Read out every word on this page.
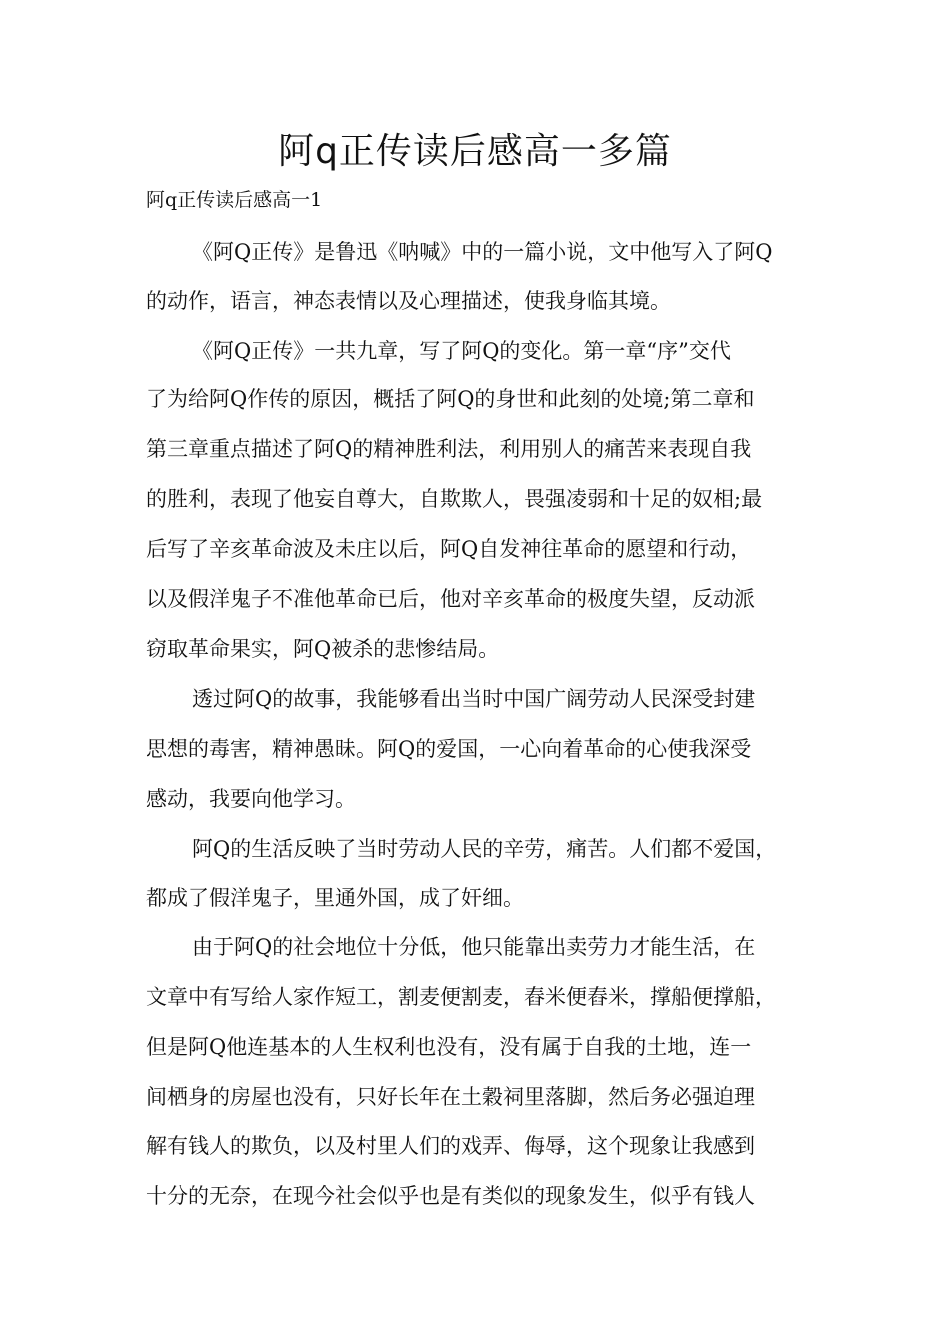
阿q正传读后感高一多篇

阿q正传读后感高一1

《阿Q正传》是鲁迅《呐喊》中的一篇小说，文中他写入了阿Q

的动作，语言，神态表情以及心理描述，使我身临其境。

《阿Q正传》一共九章，写了阿Q的变化。第一章“序”交代

了为给阿Q作传的原因，概括了阿Q的身世和此刻的处境;第二章和

第三章重点描述了阿Q的精神胜利法，利用别人的痛苦来表现自我

的胜利，表现了他妄自尊大，自欺欺人，畏强凌弱和十足的奴相;最

后写了辛亥革命波及未庄以后，阿Q自发神往革命的愿望和行动，

以及假洋鬼子不准他革命已后，他对辛亥革命的极度失望，反动派

窃取革命果实，阿Q被杀的悲惨结局。

透过阿Q的故事，我能够看出当时中国广阔劳动人民深受封建

思想的毒害，精神愚昧。阿Q的爱国，一心向着革命的心使我深受

感动，我要向他学习。

阿Q的生活反映了当时劳动人民的辛劳，痛苦。人们都不爱国，

都成了假洋鬼子，里通外国，成了奸细。

由于阿Q的社会地位十分低，他只能靠出卖劳力才能生活，在

文章中有写给人家作短工，割麦便割麦，舂米便舂米，撑船便撑船，

但是阿Q他连基本的人生权利也没有，没有属于自我的土地，连一

间栖身的房屋也没有，只好长年在土穀祠里落脚，然后务必强迫理

解有钱人的欺负，以及村里人们的戏弄、侮辱，这个现象让我感到

十分的无奈，在现今社会似乎也是有类似的现象发生，似乎有钱人
